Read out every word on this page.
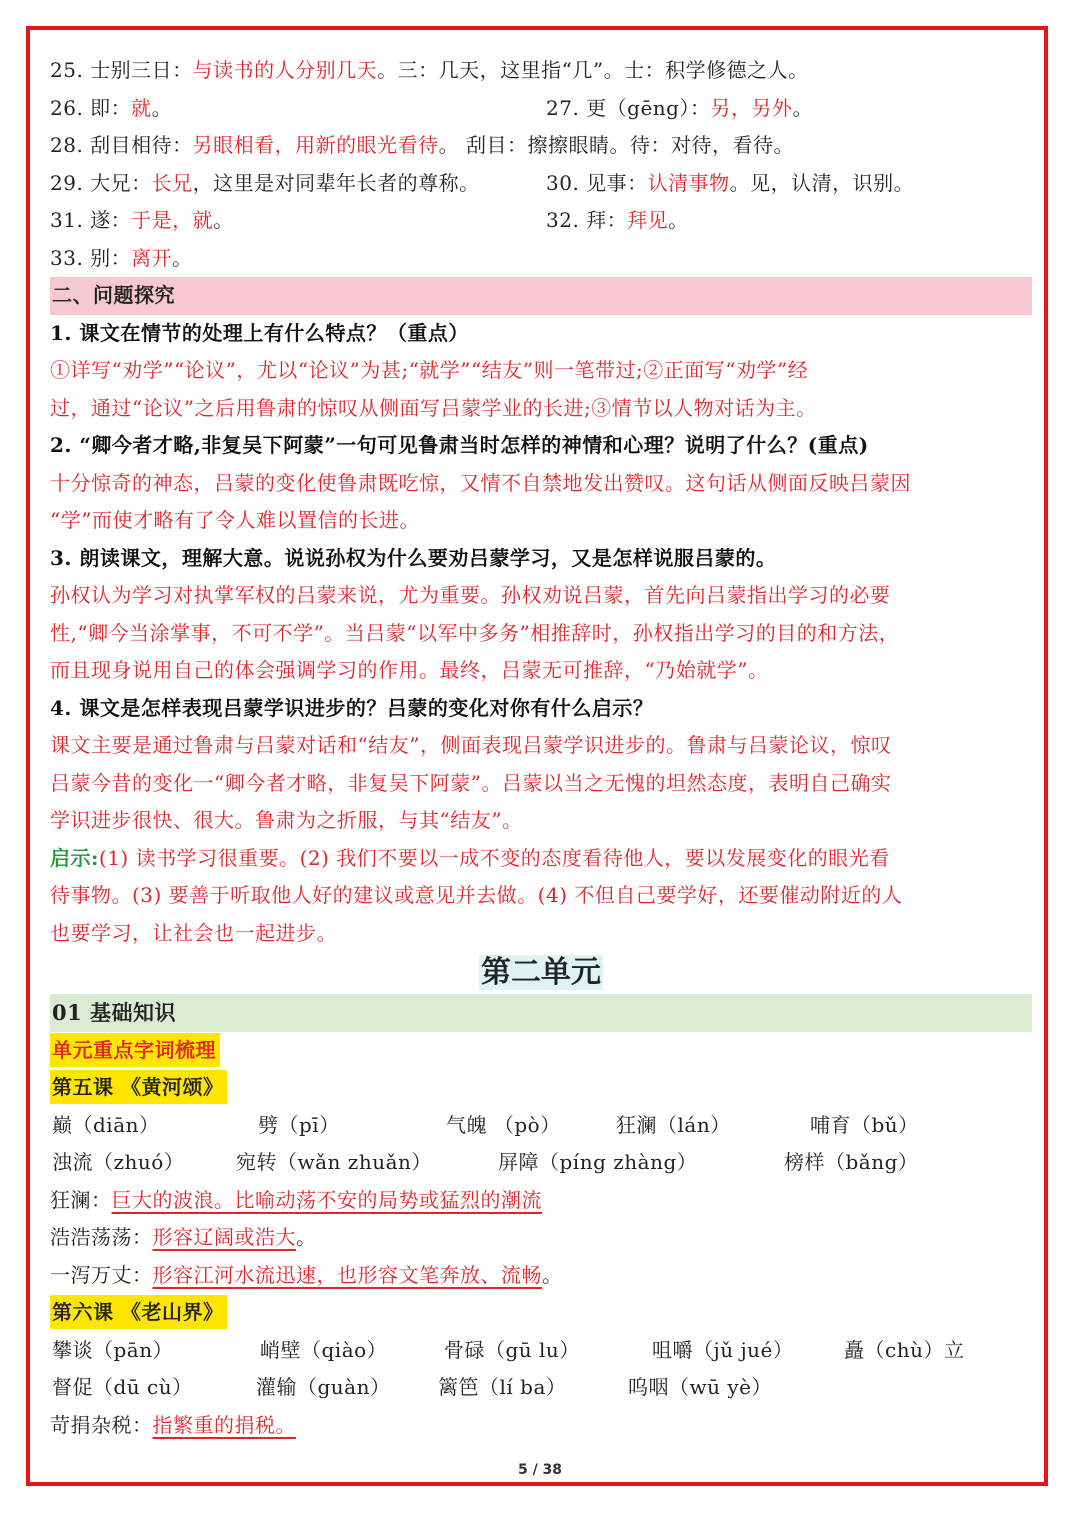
25. 士别三日：与读书的人分别几天。三：几天，这里指“几”。士：积学修德之人。
26. 即：就。	27. 更（gēng）：另，另外。
28. 刮目相待：另眼相看，用新的眼光看待。 刮目：擦擦眼睛。待：对待，看待。
29. 大兄：长兄，这里是对同辈年长者的尊称。	30. 见事：认清事物。见，认清，识别。
31. 遂：于是，就。	32. 拜：拜见。
33. 别：离开。
二、问题探究
1. 课文在情节的处理上有什么特点？（重点）
①详写“劝学”“论议”，尤以“论议”为甚;“就学”“结友”则一笔带过;②正面写“劝学”经
过，通过“论议”之后用鲁肃的惊叹从侧面写吕蒙学业的长进;③情节以人物对话为主。
2. “卿今者才略,非复吴下阿蒙”一句可见鲁肃当时怎样的神情和心理？说明了什么？(重点)
十分惊奇的神态，吕蒙的变化使鲁肃既吃惊，又情不自禁地发出赞叹。这句话从侧面反映吕蒙因
“学”而使才略有了令人难以置信的长进。
3. 朗读课文，理解大意。说说孙权为什么要劝吕蒙学习，又是怎样说服吕蒙的。
孙权认为学习对执掌军权的吕蒙来说，尤为重要。孙权劝说吕蒙，首先向吕蒙指出学习的必要
性,“卿今当涂掌事，不可不学”。当吕蒙“以军中多务”相推辞时，孙权指出学习的目的和方法，
而且现身说用自己的体会强调学习的作用。最终，吕蒙无可推辞，“乃始就学”。
4. 课文是怎样表现吕蒙学识进步的？吕蒙的变化对你有什么启示？
课文主要是通过鲁肃与吕蒙对话和“结友”，侧面表现吕蒙学识进步的。鲁肃与吕蒙论议，惊叹
吕蒙今昔的变化一“卿今者才略，非复吴下阿蒙”。吕蒙以当之无愧的坦然态度，表明自己确实
学识进步很快、很大。鲁肃为之折服，与其“结友”。
启示:(1) 读书学习很重要。(2) 我们不要以一成不变的态度看待他人，要以发展变化的眼光看
待事物。(3) 要善于听取他人好的建议或意见并去做。(4) 不但自己要学好，还要催动附近的人
也要学习，让社会也一起进步。
第二单元
01 基础知识
单元重点字词梳理
第五课 《黄河颂》
巅（diān）	劈（pī）	气魄 （pò）	狂澜（lán）	哺育（bǔ）
浊流（zhuó）	宛转（wǎn zhuǎn）	屏障（píng zhàng）	榜样（bǎng）
狂澜：巨大的波浪。比喻动荡不安的局势或猛烈的潮流
浩浩荡荡：形容辽阔或浩大。
一泻万丈：形容江河水流迅速，也形容文笔奔放、流畅。
第六课 《老山界》
攀谈（pān）	峭壁（qiào）	骨碌（gū lu）	咀嚼（jǔ jué）	矗（chù）立
督促（dū cù）	灌输（guàn） 篱笆（lí ba）	呜咽（wū yè）
苛捐杂税：指繁重的捐税。
5 / 38
